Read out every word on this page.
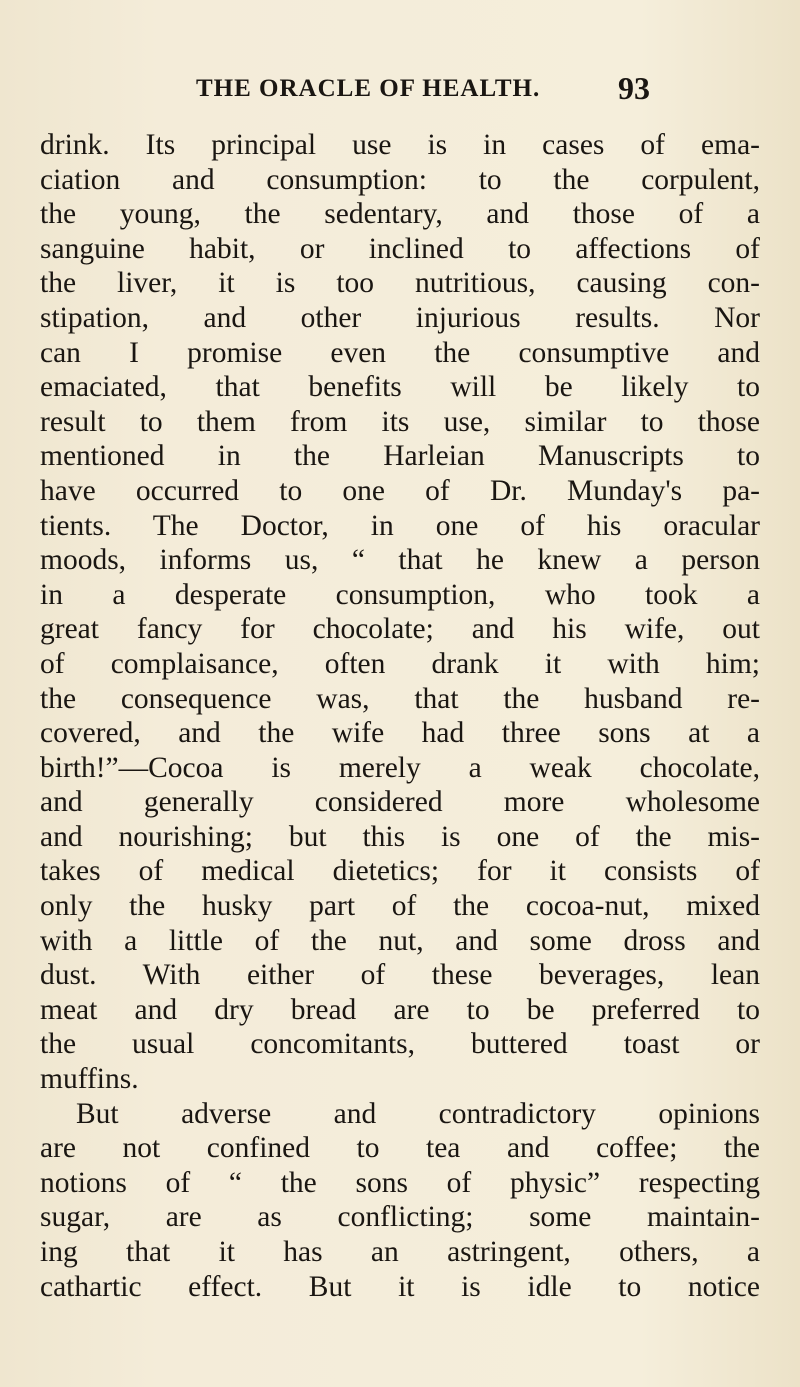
THE ORACLE OF HEALTH. 93
drink. Its principal use is in cases of ema-
ciation and consumption: to the corpulent,
the young, the sedentary, and those of a
sanguine habit, or inclined to affections of
the liver, it is too nutritious, causing con-
stipation, and other injurious results. Nor
can I promise even the consumptive and
emaciated, that benefits will be likely to
result to them from its use, similar to those
mentioned in the Harleian Manuscripts to
have occurred to one of Dr. Munday's pa-
tients. The Doctor, in one of his oracular
moods, informs us, “ that he knew a person
in a desperate consumption, who took a
great fancy for chocolate; and his wife, out
of complaisance, often drank it with him;
the consequence was, that the husband re-
covered, and the wife had three sons at a
birth!”—Cocoa is merely a weak chocolate,
and generally considered more wholesome
and nourishing; but this is one of the mis-
takes of medical dietetics; for it consists of
only the husky part of the cocoa-nut, mixed
with a little of the nut, and some dross and
dust. With either of these beverages, lean
meat and dry bread are to be preferred to
the usual concomitants, buttered toast or
muffins.
But adverse and contradictory opinions
are not confined to tea and coffee; the
notions of “ the sons of physic” respecting
sugar, are as conflicting; some maintain-
ing that it has an astringent, others, a
cathartic effect. But it is idle to notice
